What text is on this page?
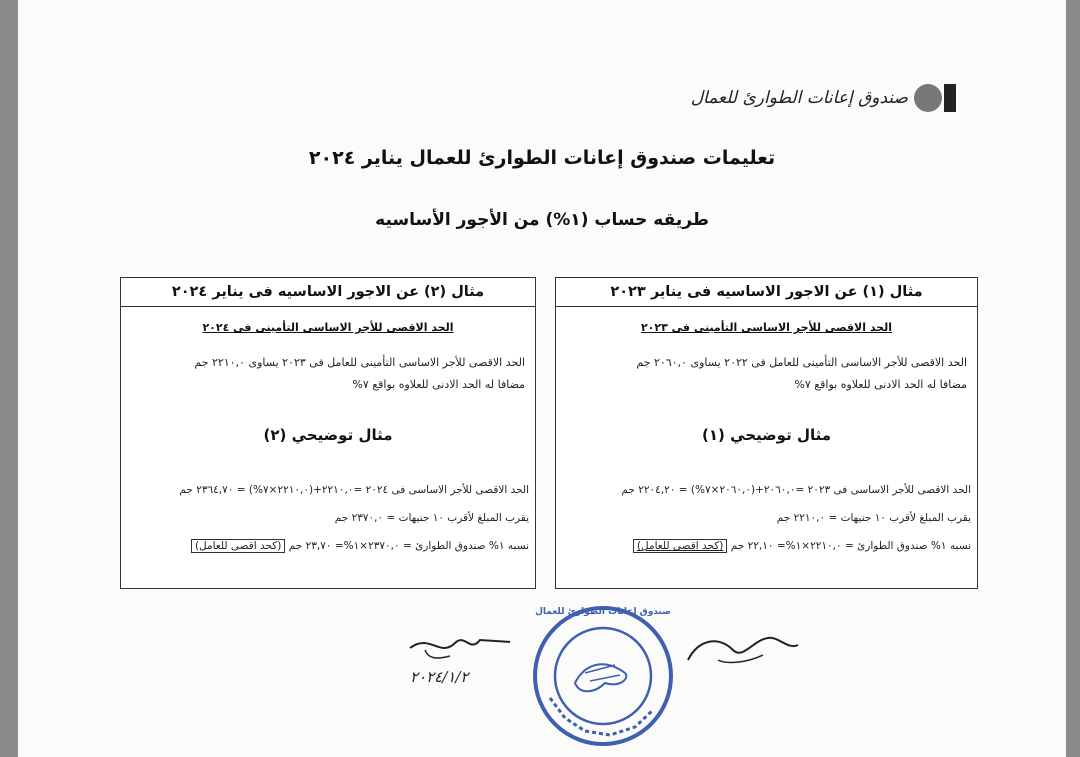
صندوق إعانات الطوارئ للعمال
تعليمات صندوق إعانات الطوارئ للعمال يناير ٢٠٢٤
طريقه حساب (١%) من الأجور الأساسيه
مثال (١) عن الاجور الاساسيه فى يناير ٢٠٢٣
الحد الاقصى للأجر الاساسى التأمينى فى ٢٠٢٣
الحد الاقصى للأجر الاساسى التأمينى للعامل فى ٢٠٢٢ يساوى ٢٠٦٠,٠ جم
مضافا له الحد الادنى للعلاوه بواقع ٧%
مثال توضيحي (١)
الحد الاقصى للأجر الاساسى فى ٢٠٢٣ =٢٠٦٠,٠+(٢٠٦٠,٠×٧%) = ٢٢٠٤,٢٠ جم
يقرب المبلغ لأقرب ١٠ جنيهات = ٢٢١٠,٠ جم
نسبه ١% صندوق الطوارئ = ٢٢١٠,٠×١%= ٢٢,١٠ جم (كحد اقصى للعامل)
مثال (٢) عن الاجور الاساسيه فى يناير ٢٠٢٤
الحد الاقصى للأجر الاساسى التأمينى فى ٢٠٢٤
الحد الاقصى للأجر الاساسى التأمينى للعامل فى ٢٠٢٣ يساوى ٢٢١٠,٠ جم
مضافا له الحد الادنى للعلاوه بواقع ٧%
مثال توضيحي (٢)
الحد الاقصى للأجر الاساسى فى ٢٠٢٤ =٢٢١٠,٠+(٢٢١٠,٠×٧%) = ٢٣٦٤,٧٠ جم
يقرب المبلغ لأقرب ١٠ جنيهات = ٢٣٧٠,٠ جم
نسبه ١% صندوق الطوارئ = ٢٣٧٠,٠×١%= ٢٣,٧٠ جم (كحد اقصى للعامل)
٢٠٢٤/١/٢
صندوق إعانات الطوارئ للعمال
